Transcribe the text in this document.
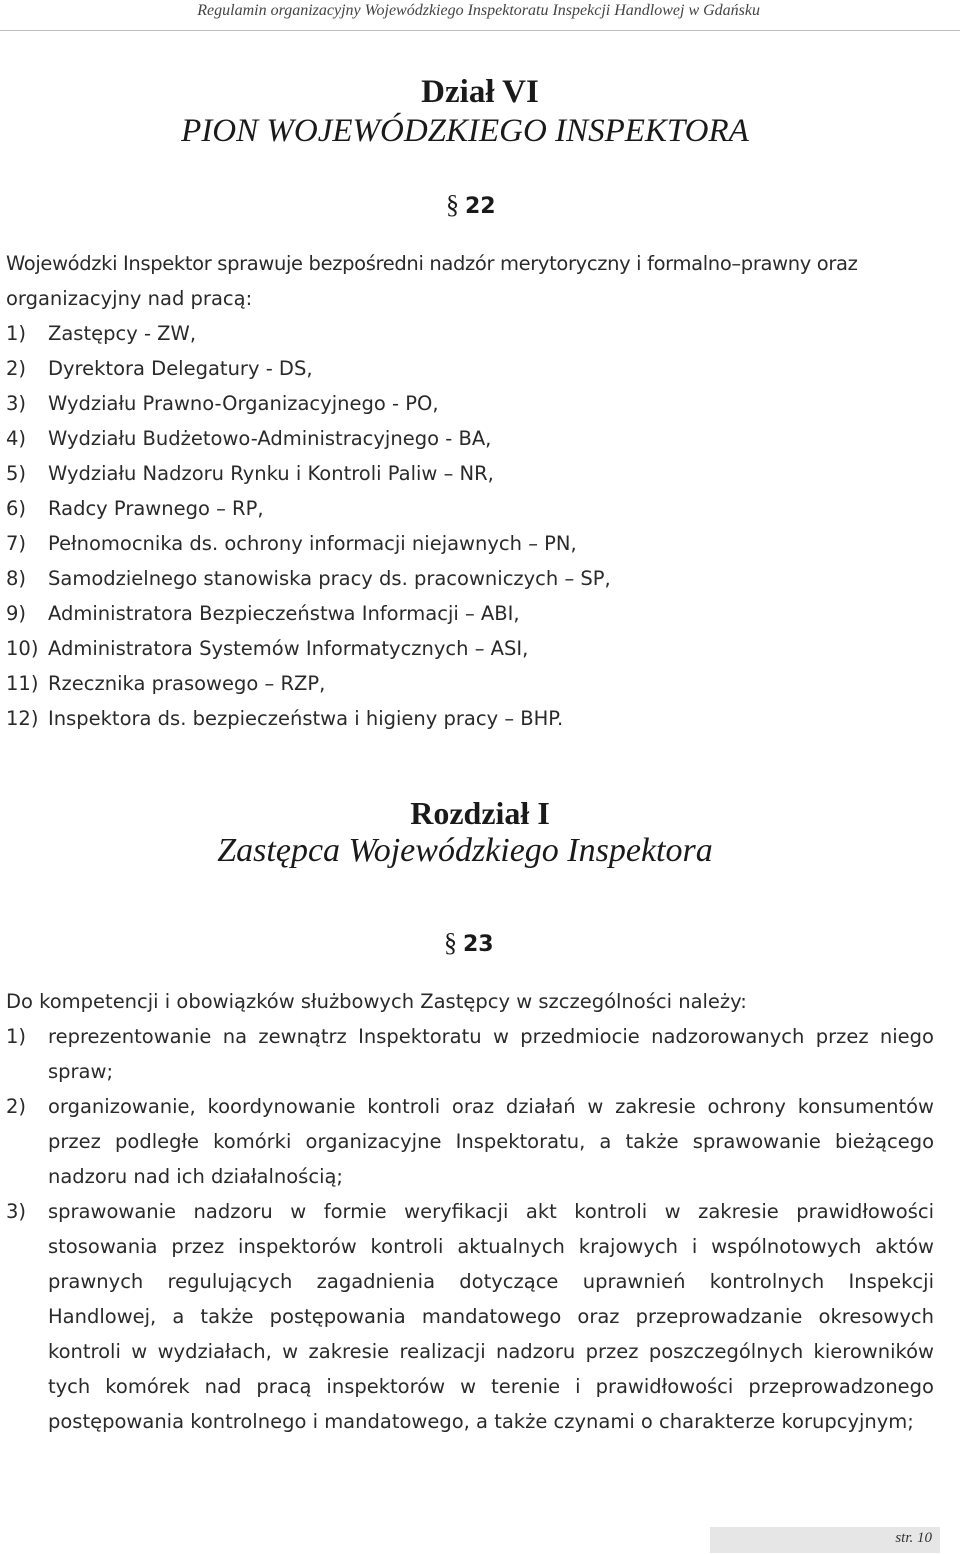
Regulamin organizacyjny Wojewódzkiego Inspektoratu Inspekcji Handlowej w Gdańsku
Dział VI
PION WOJEWÓDZKIEGO INSPEKTORA
§ 22
Wojewódzki Inspektor sprawuje bezpośredni nadzór merytoryczny i formalno–prawny oraz
organizacyjny nad pracą:
1) Zastępcy - ZW,
2) Dyrektora Delegatury - DS,
3) Wydziału Prawno-Organizacyjnego - PO,
4) Wydziału Budżetowo-Administracyjnego - BA,
5) Wydziału Nadzoru Rynku i Kontroli Paliw – NR,
6) Radcy Prawnego – RP,
7) Pełnomocnika ds. ochrony informacji niejawnych – PN,
8) Samodzielnego stanowiska pracy ds. pracowniczych – SP,
9) Administratora Bezpieczeństwa Informacji – ABI,
10) Administratora Systemów Informatycznych – ASI,
11) Rzecznika prasowego – RZP,
12) Inspektora ds. bezpieczeństwa i higieny pracy – BHP.
Rozdział I
Zastępca Wojewódzkiego Inspektora
§ 23
Do kompetencji i obowiązków służbowych Zastępcy w szczególności należy:
1) reprezentowanie na zewnątrz Inspektoratu w przedmiocie nadzorowanych przez niego spraw;
2) organizowanie, koordynowanie kontroli oraz działań w zakresie ochrony konsumentów przez podległe komórki organizacyjne Inspektoratu, a także sprawowanie bieżącego nadzoru nad ich działalnością;
3) sprawowanie nadzoru w formie weryfikacji akt kontroli w zakresie prawidłowości stosowania przez inspektorów kontroli aktualnych krajowych i wspólnotowych aktów prawnych regulujących zagadnienia dotyczące uprawnień kontrolnych Inspekcji Handlowej, a także postępowania mandatowego oraz przeprowadzanie okresowych kontroli w wydziałach, w zakresie realizacji nadzoru przez poszczególnych kierowników tych komórek nad pracą inspektorów w terenie i prawidłowości przeprowadzonego postępowania kontrolnego i mandatowego, a także czynami o charakterze korupcyjnym;
str. 10
